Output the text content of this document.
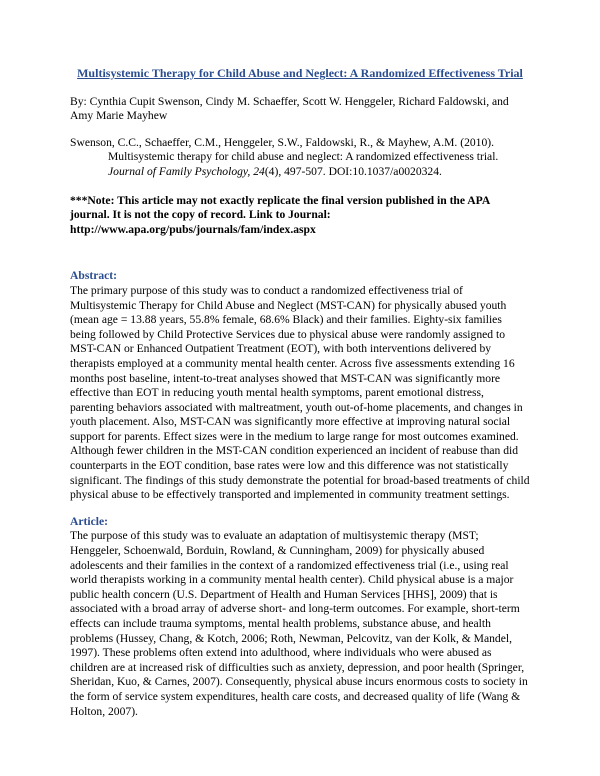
Multisystemic Therapy for Child Abuse and Neglect: A Randomized Effectiveness Trial

By: Cynthia Cupit Swenson, Cindy M. Schaeffer, Scott W. Henggeler, Richard Faldowski, and Amy Marie Mayhew

Swenson, C.C., Schaeffer, C.M., Henggeler, S.W., Faldowski, R., & Mayhew, A.M. (2010).
Multisystemic therapy for child abuse and neglect: A randomized effectiveness trial. Journal of Family Psychology, 24(4), 497-507. DOI:10.1037/a0020324.

***Note: This article may not exactly replicate the final version published in the APA journal. It is not the copy of record. Link to Journal: http://www.apa.org/pubs/journals/fam/index.aspx

Abstract:

The primary purpose of this study was to conduct a randomized effectiveness trial of Multisystemic Therapy for Child Abuse and Neglect (MST-CAN) for physically abused youth (mean age = 13.88 years, 55.8% female, 68.6% Black) and their families. Eighty-six families being followed by Child Protective Services due to physical abuse were randomly assigned to MST-CAN or Enhanced Outpatient Treatment (EOT), with both interventions delivered by therapists employed at a community mental health center. Across five assessments extending 16 months post baseline, intent-to-treat analyses showed that MST-CAN was significantly more effective than EOT in reducing youth mental health symptoms, parent emotional distress, parenting behaviors associated with maltreatment, youth out-of-home placements, and changes in youth placement. Also, MST-CAN was significantly more effective at improving natural social support for parents. Effect sizes were in the medium to large range for most outcomes examined. Although fewer children in the MST-CAN condition experienced an incident of reabuse than did counterparts in the EOT condition, base rates were low and this difference was not statistically significant. The findings of this study demonstrate the potential for broad-based treatments of child physical abuse to be effectively transported and implemented in community treatment settings.

Article:

The purpose of this study was to evaluate an adaptation of multisystemic therapy (MST; Henggeler, Schoenwald, Borduin, Rowland, & Cunningham, 2009) for physically abused adolescents and their families in the context of a randomized effectiveness trial (i.e., using real world therapists working in a community mental health center). Child physical abuse is a major public health concern (U.S. Department of Health and Human Services [HHS], 2009) that is associated with a broad array of adverse short- and long-term outcomes. For example, short-term effects can include trauma symptoms, mental health problems, substance abuse, and health problems (Hussey, Chang, & Kotch, 2006; Roth, Newman, Pelcovitz, van der Kolk, & Mandel, 1997). These problems often extend into adulthood, where individuals who were abused as children are at increased risk of difficulties such as anxiety, depression, and poor health (Springer, Sheridan, Kuo, & Carnes, 2007). Consequently, physical abuse incurs enormous costs to society in the form of service system expenditures, health care costs, and decreased quality of life (Wang & Holton, 2007).
